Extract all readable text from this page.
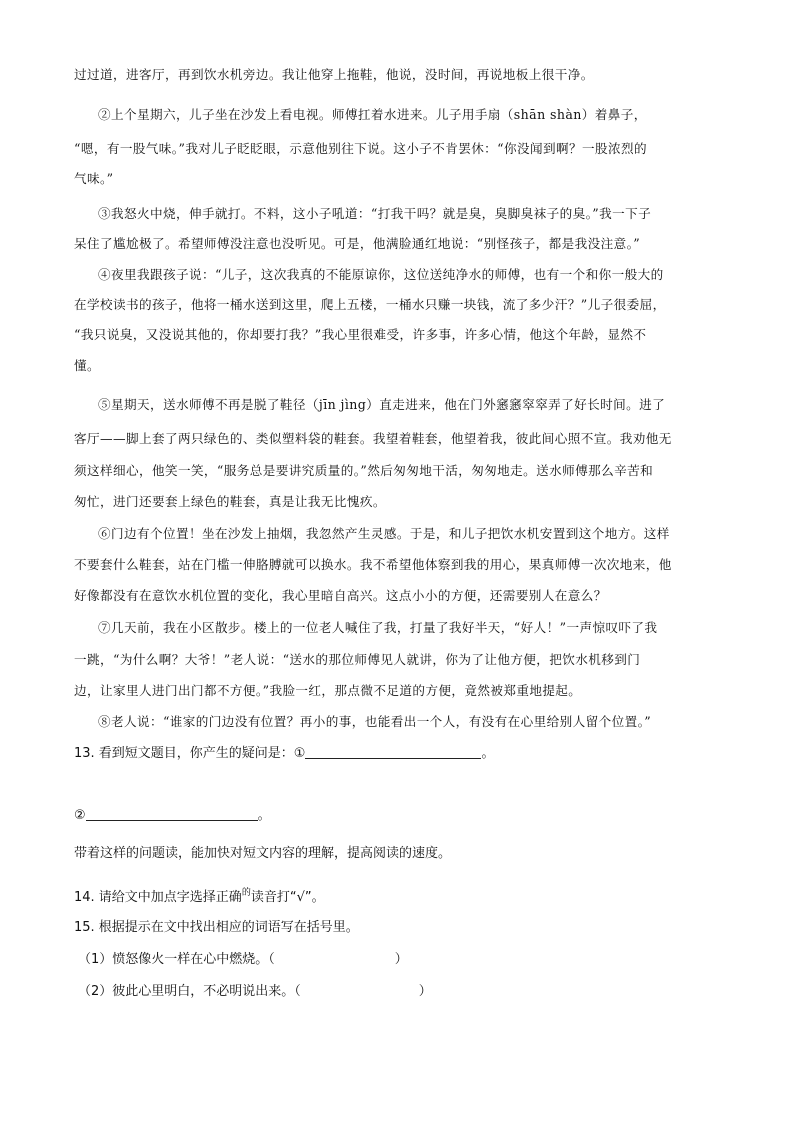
过过道，进客厅，再到饮水机旁边。我让他穿上拖鞋，他说，没时间，再说地板上很干净。
②上个星期六，儿子坐在沙发上看电视。师傅扛着水进来。儿子用手扇（shān shàn）着鼻子，
“嗯，有一股气味。”我对儿子眨眨眼，示意他别往下说。这小子不肯罢休：“你没闻到啊？一股浓烈的
气味。”
③我怒火中烧，伸手就打。不料，这小子吼道：“打我干吗？就是臭，臭脚臭袜子的臭。”我一下子
呆住了尴尬极了。希望师傅没注意也没听见。可是，他满脸通红地说：“别怪孩子，都是我没注意。”
④夜里我跟孩子说：“儿子，这次我真的不能原谅你，这位送纯净水的师傅，也有一个和你一般大的
在学校读书的孩子，他将一桶水送到这里，爬上五楼，一桶水只赚一块钱，流了多少汗？”儿子很委屈，
“我只说臭，又没说其他的，你却要打我？”我心里很难受，许多事，许多心情，他这个年龄，显然不
懂。
⑤星期天，送水师傅不再是脱了鞋径（jīn jìng）直走进来，他在门外窸窸窣窣弄了好长时间。进了
客厅——脚上套了两只绿色的、类似塑料袋的鞋套。我望着鞋套，他望着我，彼此间心照不宣。我劝他无
须这样细心，他笑一笑，“服务总是要讲究质量的。”然后匆匆地干活，匆匆地走。送水师傅那么辛苦和
匆忙，进门还要套上绿色的鞋套，真是让我无比愧疚。
⑥门边有个位置！坐在沙发上抽烟，我忽然产生灵感。于是，和儿子把饮水机安置到这个地方。这样
不要套什么鞋套，站在门槛一伸胳膊就可以换水。我不希望他体察到我的用心，果真师傅一次次地来，他
好像都没有在意饮水机位置的变化，我心里暗自高兴。这点小小的方便，还需要别人在意么？
⑦几天前，我在小区散步。楼上的一位老人喊住了我，打量了我好半天，“好人！”一声惊叹吓了我
一跳，“为什么啊？大爷！”老人说：“送水的那位师傅见人就讲，你为了让他方便，把饮水机移到门
边，让家里人进门出门都不方便。”我脸一红，那点微不足道的方便，竟然被郑重地提起。
⑧老人说：“谁家的门边没有位置？再小的事，也能看出一个人，有没有在心里给别人留个位置。”
13. 看到短文题目，你产生的疑问是：①	。
②	。
带着这样的问题读，能加快对短文内容的理解，提高阅读的速度。
14. 请给文中加点字选择正确$^的$读音打“√”。
15. 根据提示在文中找出相应的词语写在括号里。
（1）愤怒像火一样在心中燃烧。（	）
（2）彼此心里明白，不必明说出来。（	）
